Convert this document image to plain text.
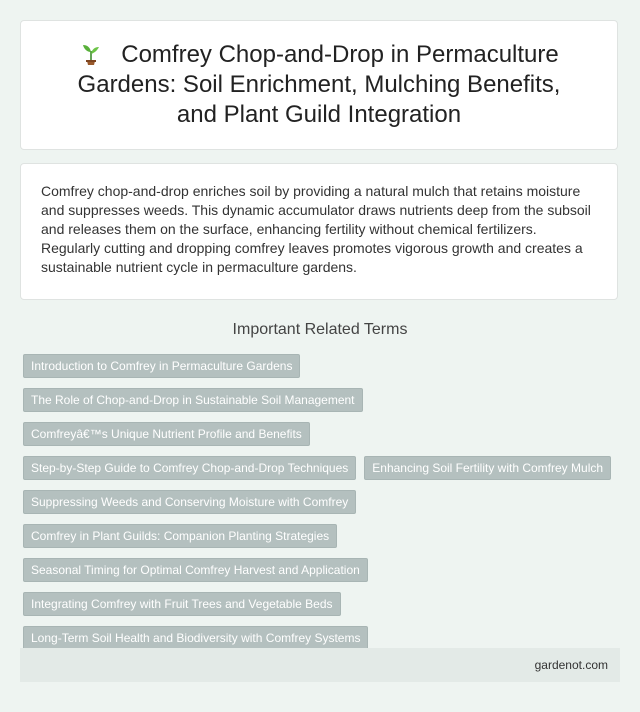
Comfrey Chop-and-Drop in Permaculture Gardens: Soil Enrichment, Mulching Benefits, and Plant Guild Integration

Comfrey chop-and-drop enriches soil by providing a natural mulch that retains moisture and suppresses weeds. This dynamic accumulator draws nutrients deep from the subsoil and releases them on the surface, enhancing fertility without chemical fertilizers. Regularly cutting and dropping comfrey leaves promotes vigorous growth and creates a sustainable nutrient cycle in permaculture gardens.

Important Related Terms
Introduction to Comfrey in Permaculture Gardens
The Role of Chop-and-Drop in Sustainable Soil Management
Comfreyâ€™s Unique Nutrient Profile and Benefits
Step-by-Step Guide to Comfrey Chop-and-Drop Techniques	Enhancing Soil Fertility with Comfrey Mulch
Suppressing Weeds and Conserving Moisture with Comfrey
Comfrey in Plant Guilds: Companion Planting Strategies
Seasonal Timing for Optimal Comfrey Harvest and Application
Integrating Comfrey with Fruit Trees and Vegetable Beds
Long-Term Soil Health and Biodiversity with Comfrey Systems
gardenot.com
